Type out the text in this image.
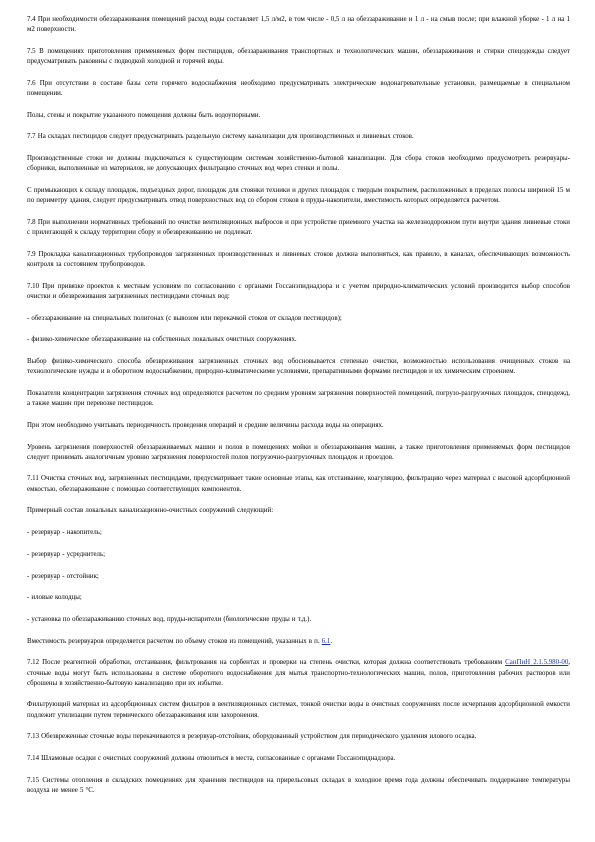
7.4 При необходимости обеззараживания помещений расход воды составляет 1,5 л/м2, в том числе - 0,5 л на обеззараживание и 1 л - на смыв после; при влажной уборке - 1 л на 1 м2 поверхности.

7.5 В помещениях приготовления применяемых форм пестицидов, обеззараживания транспортных и технологических машин, обеззараживания и стирки спецодежды следует предусматривать раковины с подводкой холодной и горячей воды.

7.6 При отсутствии в составе базы сети горячего водоснабжения необходимо предусматривать электрические водонагревательные установки, размещаемые в специальном помещении.

Полы, стены и покрытие указанного помещения должны быть водоупорными.

7.7 На складах пестицидов следует предусматривать раздельную систему канализации для производственных и ливневых стоков.

Производственные стоки не должны подключаться к существующим системам хозяйственно-бытовой канализации. Для сбора стоков необходимо предусмотреть резервуары-сборники, выполненные из материалов, не допускающих фильтрацию сточных вод через стенки и полы.

С примыкающих к складу площадок, подъездных дорог, площадок для стоянки техники и других площадок с твердым покрытием, расположенных в пределах полосы шириной 15 м по периметру здания, следует предусматривать отвод поверхностных вод со сбором стоков в пруды-накопители, вместимость которых определяется расчетом.

7.8 При выполнении нормативных требований по очистке вентиляционных выбросов и при устройстве приемного участка на железнодорожном пути внутри здания ливневые стоки с прилегающей к складу территории сбору и обезвреживанию не подлежат.

7.9 Прокладка канализационных трубопроводов загрязненных производственных и ливневых стоков должна выполняться, как правило, в каналах, обеспечивающих возможность контроля за состоянием трубопроводов.

7.10 При привязке проектов к местным условиям по согласованию с органами Госсанэпиднадзора и с учетом природно-климатических условий производится выбор способов очистки и обезвреживания загрязненных пестицидами сточных вод:

- обеззараживание на специальных полигонах (с вывозом или перекачкой стоков от складов пестицидов);

- физико-химическое обеззараживание на собственных локальных очистных сооружениях.

Выбор физико-химического способа обезвреживания загрязненных сточных вод обосновывается степенью очистки, возможностью использования очищенных стоков на технологические нужды и в оборотном водоснабжении, природно-климатическими условиями, препаративными формами пестицидов и их химическим строением.

Показатели концентрации загрязнения сточных вод определяются расчетом по средним уровням загрязнения поверхностей помещений, погрузо-разгрузочных площадок, спецодежд, а также машин при перевозке пестицидов.

При этом необходимо учитывать периодичность проведения операций и средние величины расхода воды на операциях.

Уровень загрязнения поверхностей обеззараживаемых машин и полов в помещениях мойки и обеззараживания машин, а также приготовления применяемых форм пестицидов следует принимать аналогичным уровню загрязнения поверхностей полов погрузочно-разгрузочных площадок и проездов.

7.11 Очистка сточных вод, загрязненных пестицидами, предусматривает такие основные этапы, как отстаивание, коагуляцию, фильтрацию через материал с высокой адсорбционной емкостью, обеззараживание с помощью соответствующих компонентов.

Примерный состав локальных канализационно-очистных сооружений следующий:

- резервуар - накопитель;

- резервуар - усреднитель;

- резервуар - отстойник;

- иловые колодцы;

- установка по обеззараживанию сточных вод, пруды-испарители (биологические пруды и т.д.).

Вместимость резервуаров определяется расчетом по объему стоков из помещений, указанных в п. 6.1.

7.12 После реагентной обработки, отстаивания, фильтрования на сорбентах и проверки на степень очистки, которая должна соответствовать требованиям СанПиН 2.1.5.980-00, сточные воды могут быть использованы в системе оборотного водоснабжения для мытья транспортно-технологических машин, полов, приготовления рабочих растворов или сброшены в хозяйственно-бытовую канализацию при их избытке.

Фильтрующий материал из адсорбционных систем фильтров в вентиляционных системах, тонкой очистки воды в очистных сооружениях после исчерпания адсорбционной емкости подлежит утилизации путем термического обеззараживания или захоронения.

7.13 Обезвреженные сточные воды перекачиваются в резервуар-отстойник, оборудованный устройством для периодического удаления илового осадка.

7.14 Шламовые осадки с очистных сооружений должны отвозиться в места, согласованные с органами Госсанэпиднадзора.

7.15 Системы отопления в складских помещениях для хранения пестицидов на прирельсовых складах в холодное время года должны обеспечивать поддержание температуры воздуха не менее 5 °С.
